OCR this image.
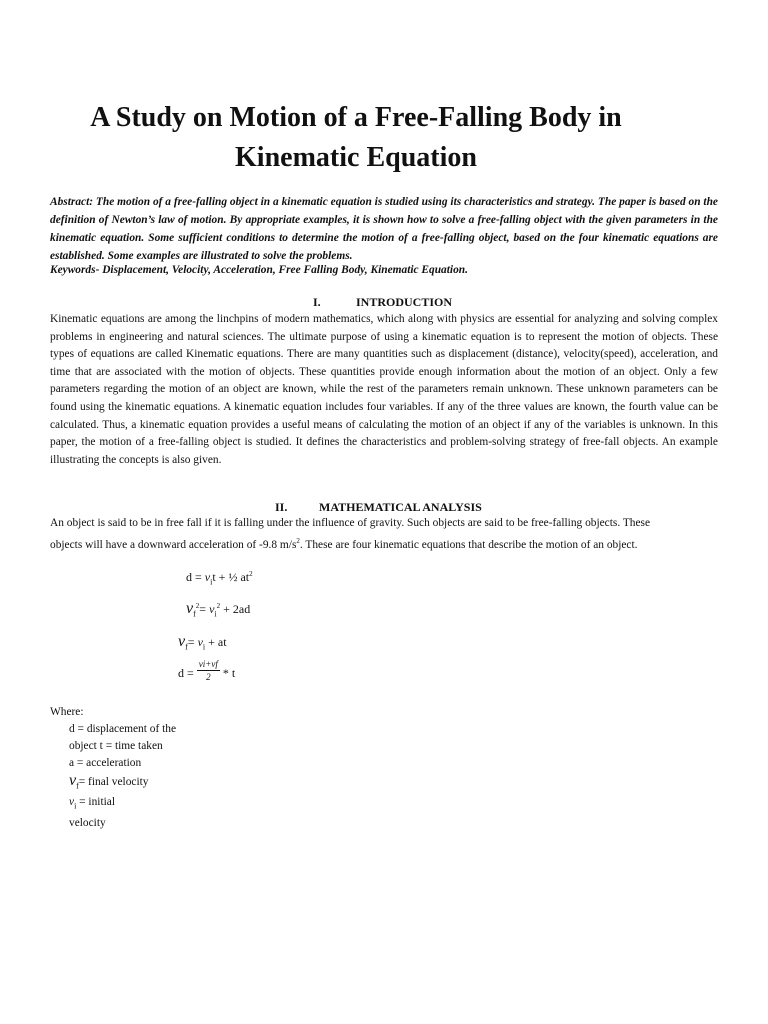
A Study on Motion of a Free-Falling Body in
Kinematic Equation

Abstract: The motion of a free-falling object in a kinematic equation is studied using its characteristics and strategy. The paper is based on the definition of Newton’s law of motion. By appropriate examples, it is shown how to solve a free-falling object with the given parameters in the kinematic equation. Some sufficient conditions to determine the motion of a free-falling object, based on the four kinematic equations are established. Some examples are illustrated to solve the problems.

Keywords- Displacement, Velocity, Acceleration, Free Falling Body, Kinematic Equation.
I.	INTRODUCTION

Kinematic equations are among the linchpins of modern mathematics, which along with physics are essential for analyzing and solving complex problems in engineering and natural sciences. The ultimate purpose of using a kinematic equation is to represent the motion of objects. These types of equations are called Kinematic equations. There are many quantities such as displacement (distance), velocity(speed), acceleration, and time that are associated with the motion of objects. These quantities provide enough information about the motion of an object. Only a few parameters regarding the motion of an object are known, while the rest of the parameters remain unknown. These unknown parameters can be found using the kinematic equations. A kinematic equation includes four variables. If any of the three values are known, the fourth value can be calculated. Thus, a kinematic equation provides a useful means of calculating the motion of an object if any of the variables is unknown. In this paper, the motion of a free-falling object is studied. It defines the characteristics and problem-solving strategy of free-fall objects. An example illustrating the concepts is also given.

II.	MATHEMATICAL ANALYSIS
An object is said to be in free fall if it is falling under the influence of gravity. Such objects are said to be free-falling objects. These
objects will have a downward acceleration of -9.8 $m/s^2$. These are four kinematic equations that describe the motion of an object.
$d = v_it$ + ½ $at^2$
$v_f^2= v_i^2 + 2ad$
$v_f= v_i$ + at
$d = \frac{vi+vf}{2} * t$
Where:
d = displacement of the
object t = time taken
a = acceleration
$v_f=$ final velocity
$v_i$ = initial
velocity
